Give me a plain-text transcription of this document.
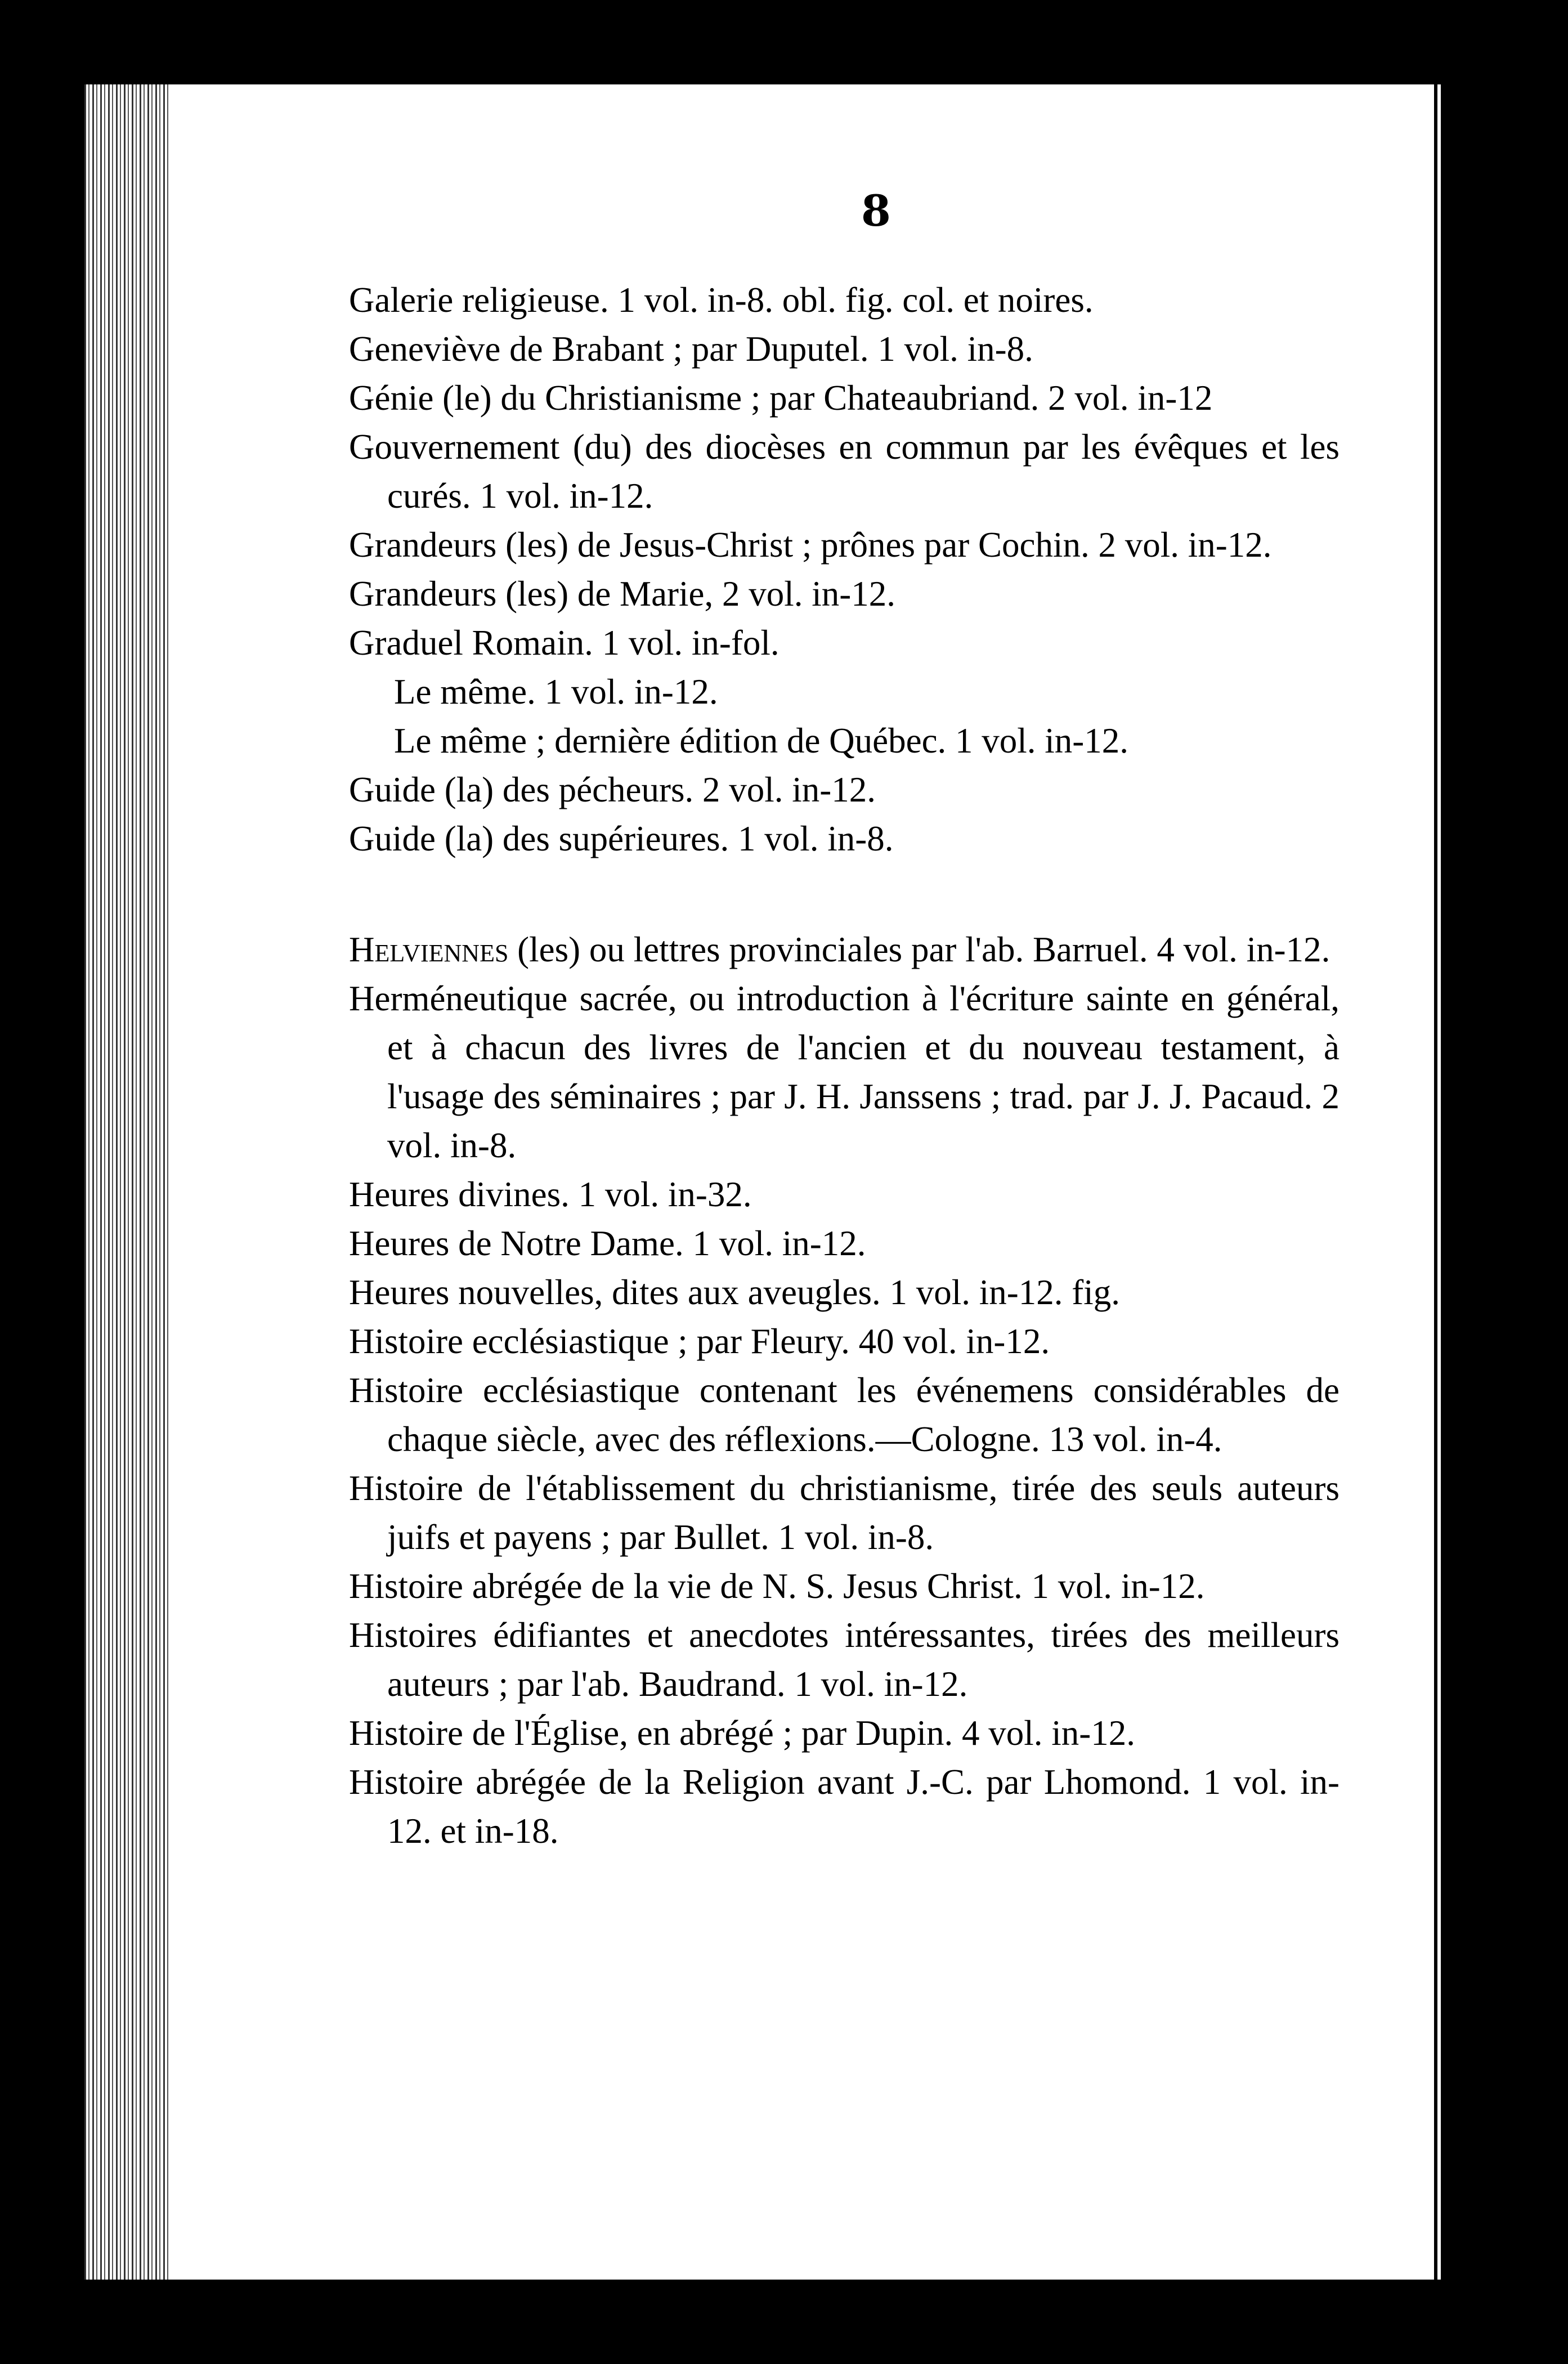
8
Galerie religieuse. 1 vol. in-8. obl. fig. col. et noires.
Geneviève de Brabant ; par Duputel. 1 vol. in-8.
Génie (le) du Christianisme ; par Chateaubriand. 2 vol. in-12
Gouvernement (du) des diocèses en commun par les évêques et les curés. 1 vol. in-12.
Grandeurs (les) de Jesus-Christ ; prônes par Cochin. 2 vol. in-12.
Grandeurs (les) de Marie, 2 vol. in-12.
Graduel Romain. 1 vol. in-fol.
Le même. 1 vol. in-12.
Le même ; dernière édition de Québec. 1 vol. in-12.
Guide (la) des pécheurs. 2 vol. in-12.
Guide (la) des supérieures. 1 vol. in-8.
Helviennes (les) ou lettres provinciales par l'ab. Barruel. 4 vol. in-12.
Herméneutique sacrée, ou introduction à l'écriture sainte en général, et à chacun des livres de l'ancien et du nouveau testament, à l'usage des séminaires ; par J. H. Janssens ; trad. par J. J. Pacaud. 2 vol. in-8.
Heures divines. 1 vol. in-32.
Heures de Notre Dame. 1 vol. in-12.
Heures nouvelles, dites aux aveugles. 1 vol. in-12. fig.
Histoire ecclésiastique ; par Fleury. 40 vol. in-12.
Histoire ecclésiastique contenant les événemens considérables de chaque siècle, avec des réflexions.—Cologne. 13 vol. in-4.
Histoire de l'établissement du christianisme, tirée des seuls auteurs juifs et payens ; par Bullet. 1 vol. in-8.
Histoire abrégée de la vie de N. S. Jesus Christ. 1 vol. in-12.
Histoires édifiantes et anecdotes intéressantes, tirées des meilleurs auteurs ; par l'ab. Baudrand. 1 vol. in-12.
Histoire de l'Église, en abrégé ; par Dupin. 4 vol. in-12.
Histoire abrégée de la Religion avant J.-C. par Lhomond. 1 vol. in-12. et in-18.
